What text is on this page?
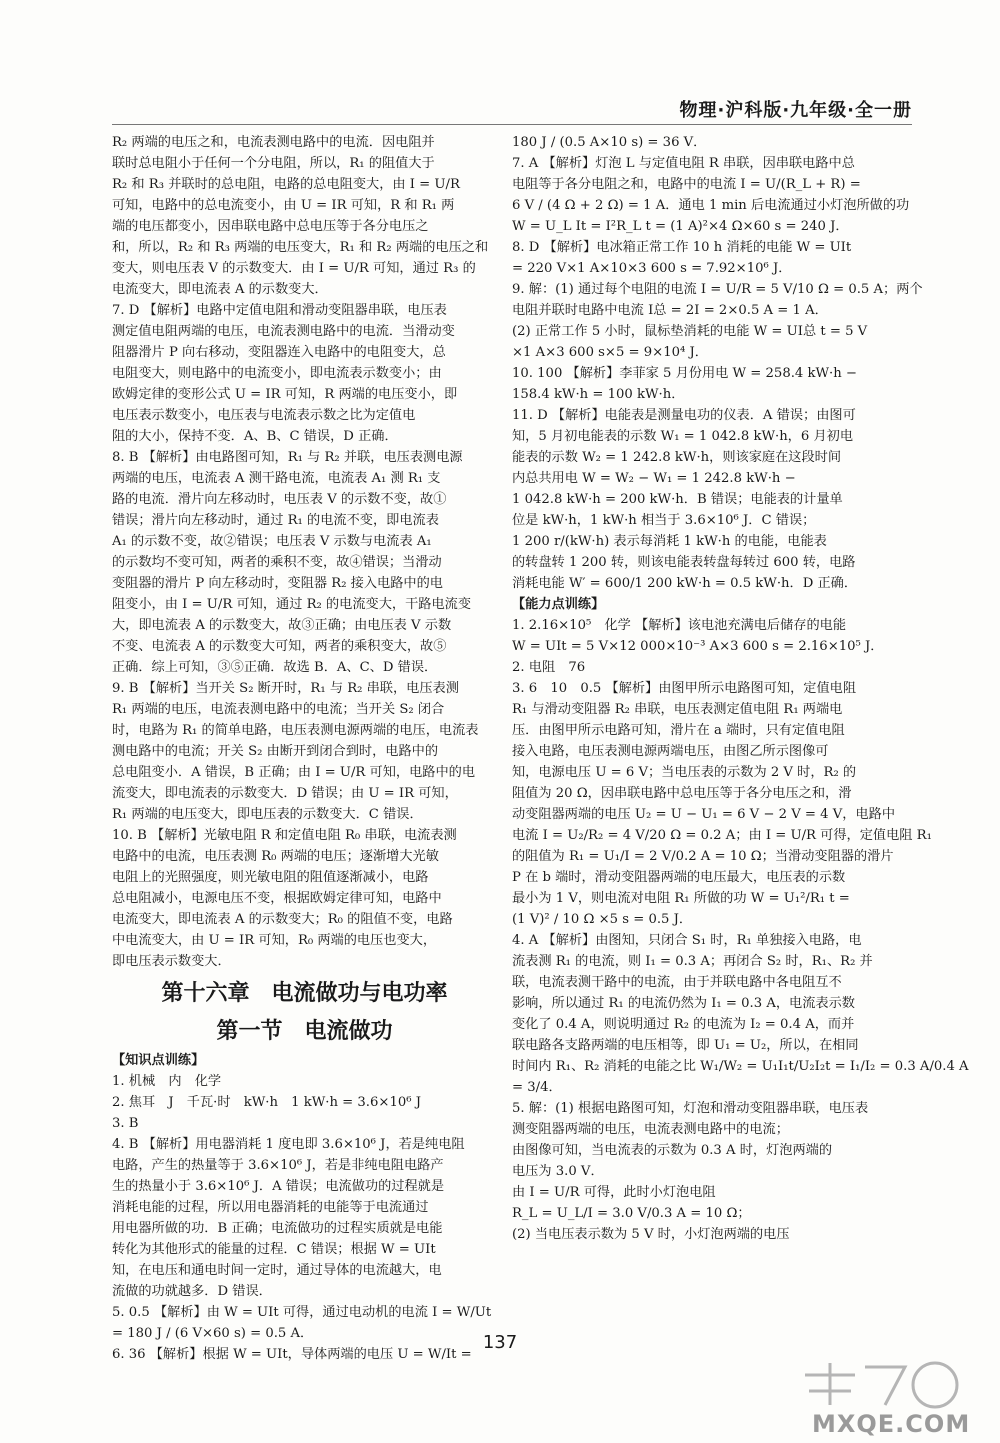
物理·沪科版·九年级·全一册

R₂ 两端的电压之和，电流表测电路中的电流．因电阻并

联时总电阻小于任何一个分电阻，所以，R₁ 的阻值大于

R₂ 和 R₃ 并联时的总电阻，电路的总电阻变大，由 I = U/R

可知，电路中的总电流变小，由 U = IR 可知，R 和 R₁ 两

端的电压都变小，因串联电路中总电压等于各分电压之

和，所以，R₂ 和 R₃ 两端的电压变大，R₁ 和 R₂ 两端的电压之和

变大，则电压表 V 的示数变大．由 I = U/R 可知，通过 R₃ 的

电流变大，即电流表 A 的示数变大．

7. D 【解析】电路中定值电阻和滑动变阻器串联，电压表

测定值电阻两端的电压，电流表测电路中的电流．当滑动变

阻器滑片 P 向右移动，变阻器连入电路中的电阻变大，总

电阻变大，则电路中的电流变小，即电流表示数变小；由

欧姆定律的变形公式 U = IR 可知，R 两端的电压变小，即

电压表示数变小，电压表与电流表示数之比为定值电

阻的大小，保持不变．A、B、C 错误，D 正确．

8. B 【解析】由电路图可知，R₁ 与 R₂ 并联，电压表测电源

两端的电压，电流表 A 测干路电流，电流表 A₁ 测 R₁ 支

路的电流．滑片向左移动时，电压表 V 的示数不变，故①

错误；滑片向左移动时，通过 R₁ 的电流不变，即电流表

A₁ 的示数不变，故②错误；电压表 V 示数与电流表 A₁

的示数均不变可知，两者的乘积不变，故④错误；当滑动

变阻器的滑片 P 向左移动时，变阻器 R₂ 接入电路中的电

阻变小，由 I = U/R 可知，通过 R₂ 的电流变大，干路电流变

大，即电流表 A 的示数变大，故③正确；由电压表 V 示数

不变、电流表 A 的示数变大可知，两者的乘积变大，故⑤

正确．综上可知，③⑤正确．故选 B．A、C、D 错误．

9. B 【解析】当开关 S₂ 断开时，R₁ 与 R₂ 串联，电压表测

R₁ 两端的电压，电流表测电路中的电流；当开关 S₂ 闭合

时，电路为 R₁ 的简单电路，电压表测电源两端的电压，电流表

测电路中的电流；开关 S₂ 由断开到闭合到时，电路中的

总电阻变小．A 错误，B 正确；由 I = U/R 可知，电路中的电

流变大，即电流表的示数变大．D 错误；由 U = IR 可知，

R₁ 两端的电压变大，即电压表的示数变大．C 错误．

10. B 【解析】光敏电阻 R 和定值电阻 R₀ 串联，电流表测

电路中的电流，电压表测 R₀ 两端的电压；逐渐增大光敏

电阻上的光照强度，则光敏电阻的阻值逐渐减小，电路

总电阻减小，电源电压不变，根据欧姆定律可知，电路中

电流变大，即电流表 A 的示数变大；R₀ 的阻值不变，电路

中电流变大，由 U = IR 可知，R₀ 两端的电压也变大，

即电压表示数变大．

第十六章　电流做功与电功率

第一节　电流做功

【知识点训练】

1. 机械　内　化学

2. 焦耳　J　千瓦·时　kW·h　1 kW·h = 3.6×10⁶ J

3. B

4. B 【解析】用电器消耗 1 度电即 3.6×10⁶ J，若是纯电阻

电路，产生的热量等于 3.6×10⁶ J，若是非纯电阻电路产

生的热量小于 3.6×10⁶ J．A 错误；电流做功的过程就是

消耗电能的过程，所以用电器消耗的电能等于电流通过

用电器所做的功．B 正确；电流做功的过程实质就是电能

转化为其他形式的能量的过程．C 错误；根据 W = UIt

知，在电压和通电时间一定时，通过导体的电流越大，电

流做的功就越多．D 错误．

5. 0.5 【解析】由 W = UIt 可得，通过电动机的电流 I = W/Ut

= 180 J / (6 V×60 s) = 0.5 A．

6. 36 【解析】根据 W = UIt，导体两端的电压 U = W/It =

180 J / (0.5 A×10 s) = 36 V．

7. A 【解析】灯泡 L 与定值电阻 R 串联，因串联电路中总

电阻等于各分电阻之和，电路中的电流 I = U/(R_L + R) =

6 V / (4 Ω + 2 Ω) = 1 A．通电 1 min 后电流通过小灯泡所做的功

W = U_L It = I²R_L t = (1 A)²×4 Ω×60 s = 240 J．

8. D 【解析】电冰箱正常工作 10 h 消耗的电能 W = UIt

= 220 V×1 A×10×3 600 s = 7.92×10⁶ J．

9. 解：(1) 通过每个电阻的电流 I = U/R = 5 V/10 Ω = 0.5 A；两个

电阻并联时电路中电流 I总 = 2I = 2×0.5 A = 1 A．

(2) 正常工作 5 小时，鼠标垫消耗的电能 W = UI总 t = 5 V

×1 A×3 600 s×5 = 9×10⁴ J．

10. 100 【解析】李菲家 5 月份用电 W = 258.4 kW·h −

158.4 kW·h = 100 kW·h．

11. D 【解析】电能表是测量电功的仪表．A 错误；由图可

知，5 月初电能表的示数 W₁ = 1 042.8 kW·h，6 月初电

能表的示数 W₂ = 1 242.8 kW·h，则该家庭在这段时间

内总共用电 W = W₂ − W₁ = 1 242.8 kW·h −

1 042.8 kW·h = 200 kW·h．B 错误；电能表的计量单

位是 kW·h，1 kW·h 相当于 3.6×10⁶ J．C 错误；

1 200 r/(kW·h) 表示每消耗 1 kW·h 的电能，电能表

的转盘转 1 200 转，则该电能表转盘每转过 600 转，电路

消耗电能 W′ = 600/1 200 kW·h = 0.5 kW·h．D 正确．

【能力点训练】

1. 2.16×10⁵　化学 【解析】该电池充满电后储存的电能

W = UIt = 5 V×12 000×10⁻³ A×3 600 s = 2.16×10⁵ J．

2. 电阻　76

3. 6　10　0.5 【解析】由图甲所示电路图可知，定值电阻

R₁ 与滑动变阻器 R₂ 串联，电压表测定值电阻 R₁ 两端电

压．由图甲所示电路可知，滑片在 a 端时，只有定值电阻

接入电路，电压表测电源两端电压，由图乙所示图像可

知，电源电压 U = 6 V；当电压表的示数为 2 V 时，R₂ 的

阻值为 20 Ω，因串联电路中总电压等于各分电压之和，滑

动变阻器两端的电压 U₂ = U − U₁ = 6 V − 2 V = 4 V，电路中

电流 I = U₂/R₂ = 4 V/20 Ω = 0.2 A；由 I = U/R 可得，定值电阻 R₁

的阻值为 R₁ = U₁/I = 2 V/0.2 A = 10 Ω；当滑动变阻器的滑片

P 在 b 端时，滑动变阻器两端的电压最大，电压表的示数

最小为 1 V，则电流对电阻 R₁ 所做的功 W = U₁²/R₁ t =

(1 V)² / 10 Ω ×5 s = 0.5 J．

4. A 【解析】由图知，只闭合 S₁ 时，R₁ 单独接入电路，电

流表测 R₁ 的电流，则 I₁ = 0.3 A；再闭合 S₂ 时，R₁、R₂ 并

联，电流表测干路中的电流，由于并联电路中各电阻互不

影响，所以通过 R₁ 的电流仍然为 I₁ = 0.3 A，电流表示数

变化了 0.4 A，则说明通过 R₂ 的电流为 I₂ = 0.4 A，而并

联电路各支路两端的电压相等，即 U₁ = U₂，所以，在相同

时间内 R₁、R₂ 消耗的电能之比 W₁/W₂ = U₁I₁t/U₂I₂t = I₁/I₂ = 0.3 A/0.4 A

= 3/4．

5. 解：(1) 根据电路图可知，灯泡和滑动变阻器串联，电压表

测变阻器两端的电压，电流表测电路中的电流；

由图像可知，当电流表的示数为 0.3 A 时，灯泡两端的

电压为 3.0 V．

由 I = U/R 可得，此时小灯泡电阻

R_L = U_L/I = 3.0 V/0.3 A = 10 Ω；

(2) 当电压表示数为 5 V 时，小灯泡两端的电压

137
MXQE.COM
